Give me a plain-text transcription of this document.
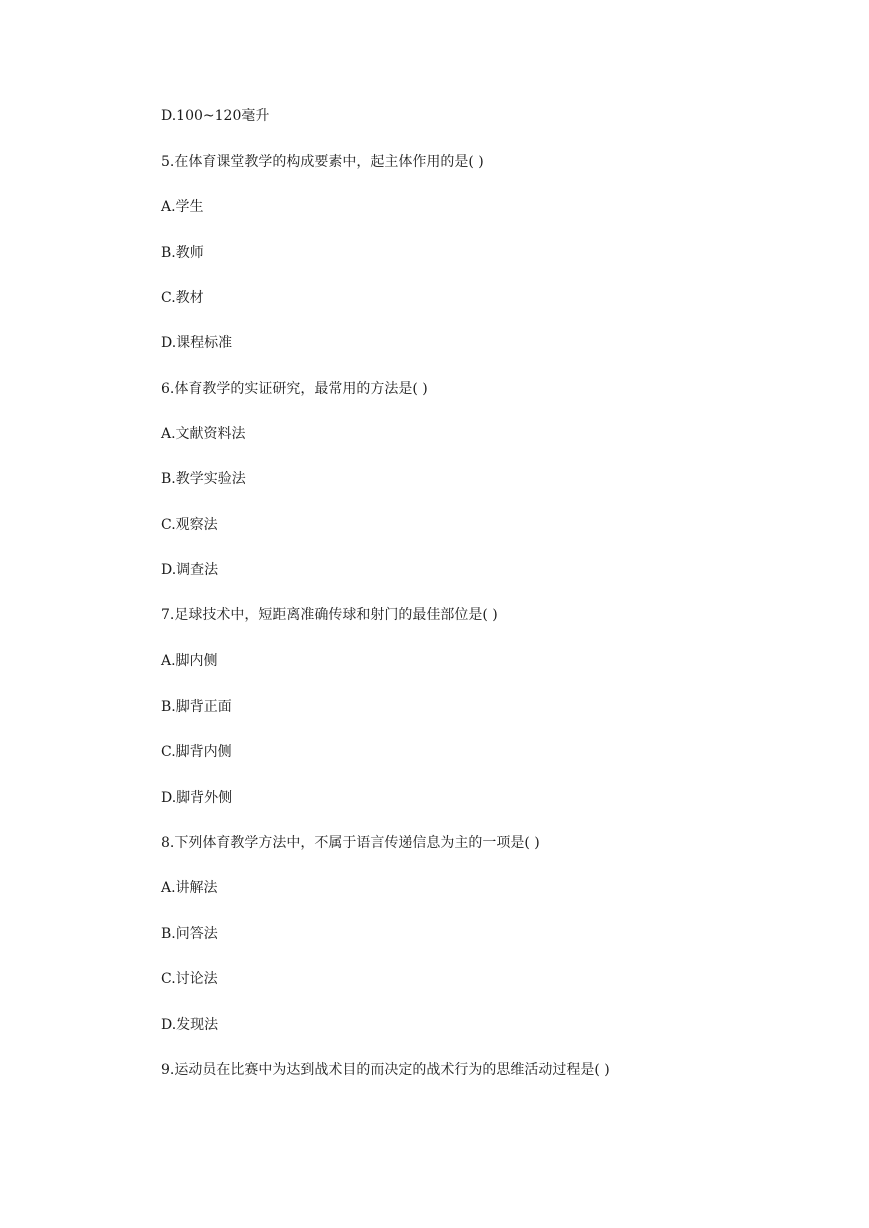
D.100~120毫升

5.在体育课堂教学的构成要素中，起主体作用的是( )

A.学生

B.教师

C.教材

D.课程标准

6.体育教学的实证研究，最常用的方法是( )

A.文献资料法

B.教学实验法

C.观察法

D.调查法

7.足球技术中，短距离准确传球和射门的最佳部位是( )

A.脚内侧

B.脚背正面

C.脚背内侧

D.脚背外侧

8.下列体育教学方法中，不属于语言传递信息为主的一项是( )

A.讲解法

B.问答法

C.讨论法

D.发现法

9.运动员在比赛中为达到战术目的而决定的战术行为的思维活动过程是( )
